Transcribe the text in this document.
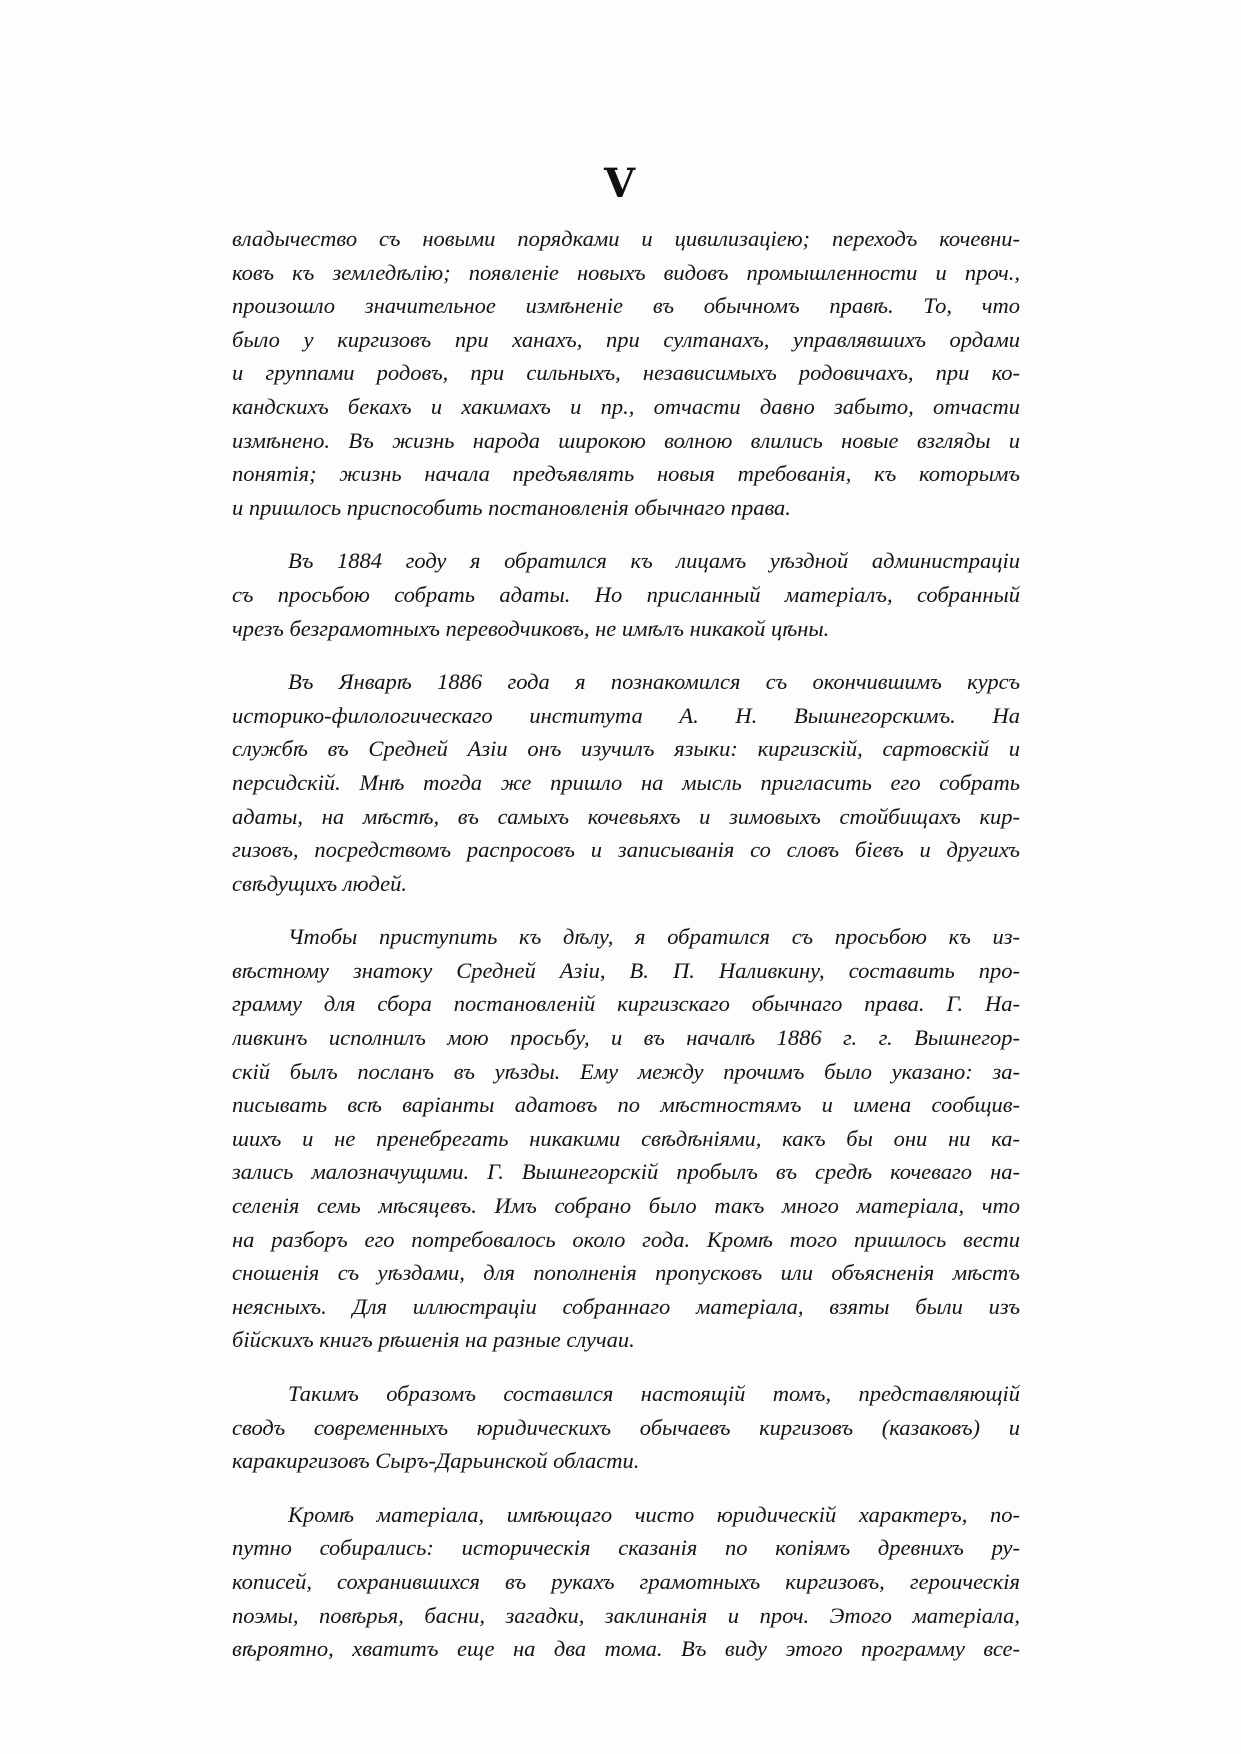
V

владычество съ новыми порядками и цивилизацiею; переходъ кочевни-
ковъ къ земледѣлiю; появленiе новыхъ видовъ промышленности и проч.,
произошло значительное измѣненiе въ обычномъ правѣ. То, что
было у киргизовъ при ханахъ, при султанахъ, управлявшихъ ордами
и группами родовъ, при сильныхъ, независимыхъ родовичахъ, при ко-
кандскихъ бекахъ и хакимахъ и пр., отчасти давно забыто, отчасти
измѣнено. Въ жизнь народа широкою волною влились новые взгляды и
понятiя; жизнь начала предъявлять новыя требованiя, къ которымъ
и пришлось приспособить постановленiя обычнаго права.

Въ 1884 году я обратился къ лицамъ уѣздной администрацiи
съ просьбою собрать адаты. Но присланный матерiалъ, собранный
чрезъ безграмотныхъ переводчиковъ, не имѣлъ никакой цѣны.

Въ Январѣ 1886 года я познакомился съ окончившимъ курсъ
историко-филологическаго института А. Н. Вышнегорскимъ. На
службѣ въ Средней Азiи онъ изучилъ языки: киргизскiй, сартовскiй и
персидскiй. Мнѣ тогда же пришло на мысль пригласить его собрать
адаты, на мѣстѣ, въ самыхъ кочевьяхъ и зимовыхъ стойбищахъ кир-
гизовъ, посредствомъ распросовъ и записыванiя со словъ бiевъ и другихъ
свѣдущихъ людей.

Чтобы приступить къ дѣлу, я обратился съ просьбою къ из-
вѣстному знатоку Средней Азiи, В. П. Наливкину, составить про-
грамму для сбора постановленiй киргизскаго обычнаго права. Г. На-
ливкинъ исполнилъ мою просьбу, и въ началѣ 1886 г. г. Вышнегор-
скiй былъ посланъ въ уѣзды. Ему между прочимъ было указано: за-
писывать всѣ варiанты адатовъ по мѣстностямъ и имена сообщив-
шихъ и не пренебрегать никакими свѣдѣнiями, какъ бы они ни ка-
зались малозначущими. Г. Вышнегорскiй пробылъ въ средѣ кочеваго на-
селенiя семь мѣсяцевъ. Имъ собрано было такъ много матерiала, что
на разборъ его потребовалось около года. Кромѣ того пришлось вести
сношенiя съ уѣздами, для пополненiя пропусковъ или объясненiя мѣстъ
неясныхъ. Для иллюстрацiи собраннаго матерiала, взяты были изъ
бiйскихъ книгъ рѣшенiя на разные случаи.

Такимъ образомъ составился настоящiй томъ, представляющiй
сводъ современныхъ юридическихъ обычаевъ киргизовъ (казаковъ) и
каракиргизовъ Сыръ-Дарьинской области.

Кромѣ матерiала, имѣющаго чисто юридическiй характеръ, по-
путно собирались: историческiя сказанiя по копiямъ древнихъ ру-
кописей, сохранившихся въ рукахъ грамотныхъ киргизовъ, героическiя
поэмы, повѣрья, басни, загадки, заклинанiя и проч. Этого матерiала,
вѣроятно, хватитъ еще на два тома. Въ виду этого программу все-
